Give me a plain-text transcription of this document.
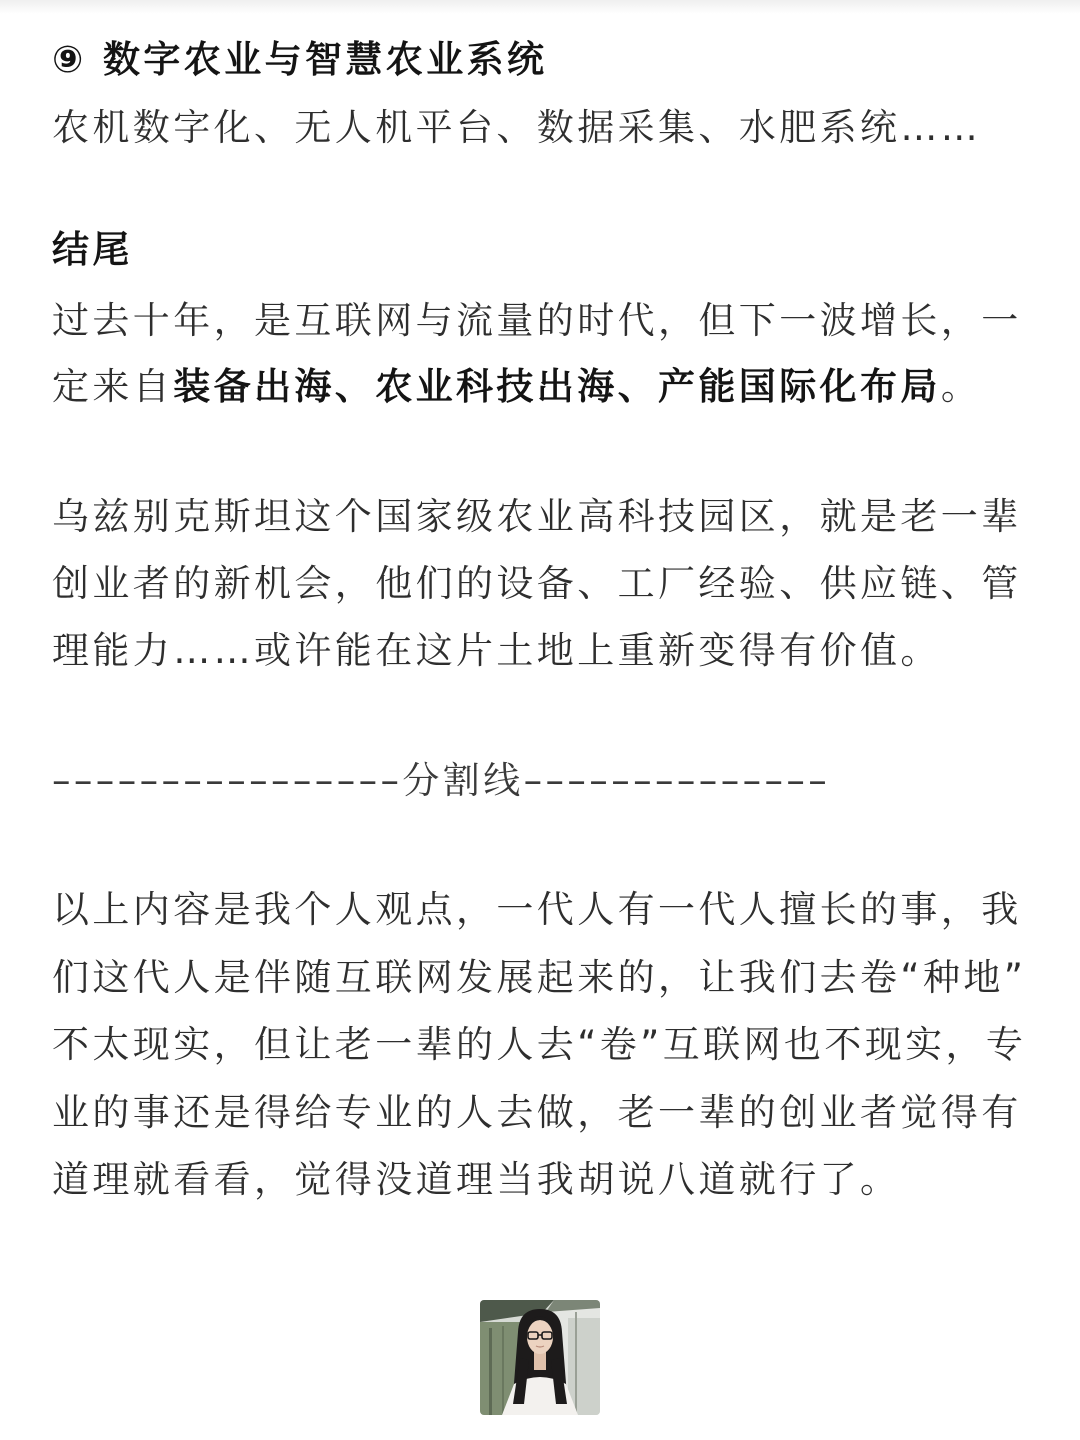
⑨ 数字农业与智慧农业系统
农机数字化、无人机平台、数据采集、水肥系统……
结尾
过去十年，是互联网与流量的时代，但下一波增长，一
定来自装备出海、农业科技出海、产能国际化布局。
乌兹别克斯坦这个国家级农业高科技园区，就是老一辈
创业者的新机会，他们的设备、工厂经验、供应链、管
理能力……或许能在这片土地上重新变得有价值。
––––––––––––––––分割线––––––––––––––
以上内容是我个人观点，一代人有一代人擅长的事，我
们这代人是伴随互联网发展起来的，让我们去卷“种地”
不太现实，但让老一辈的人去“卷”互联网也不现实，专
业的事还是得给专业的人去做，老一辈的创业者觉得有
道理就看看，觉得没道理当我胡说八道就行了。
